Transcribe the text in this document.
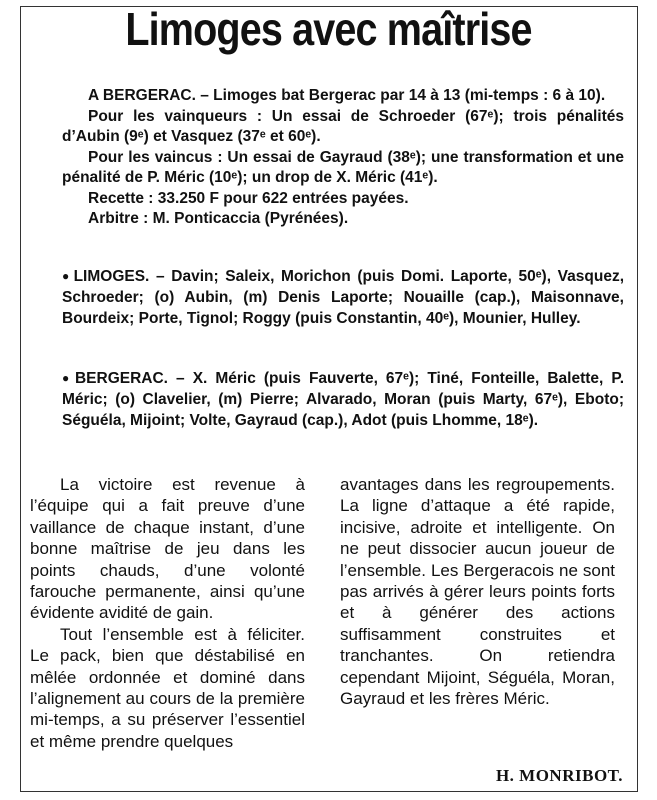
Limoges avec maîtrise

A BERGERAC. – Limoges bat Bergerac par 14 à 13 (mi-temps : 6 à 10).

Pour les vainqueurs : Un essai de Schroeder (67ᵉ); trois pénalités d’Aubin (9ᵉ) et Vasquez (37ᵉ et 60ᵉ).

Pour les vaincus : Un essai de Gayraud (38ᵉ); une transformation et une pénalité de P. Méric (10ᵉ); un drop de X. Méric (41ᵉ).

Recette : 33.250 F pour 622 entrées payées.

Arbitre : M. Ponticaccia (Pyrénées).

● LIMOGES. – Davin; Saleix, Morichon (puis Domi. Laporte, 50ᵉ), Vasquez, Schroeder; (o) Aubin, (m) Denis Laporte; Nouaille (cap.), Maisonnave, Bourdeix; Porte, Tignol; Roggy (puis Constantin, 40ᵉ), Mounier, Hulley.

● BERGERAC. – X. Méric (puis Fauverte, 67ᵉ); Tiné, Fonteille, Balette, P. Méric; (o) Clavelier, (m) Pierre; Alvarado, Moran (puis Marty, 67ᵉ), Eboto; Séguéla, Mijoint; Volte, Gayraud (cap.), Adot (puis Lhomme, 18ᵉ).

La victoire est revenue à l’équipe qui a fait preuve d’une vaillance de chaque instant, d’une bonne maîtrise de jeu dans les points chauds, d’une volonté farouche permanente, ainsi qu’une évidente avidité de gain.

Tout l’ensemble est à féliciter. Le pack, bien que déstabilisé en mêlée ordonnée et dominé dans l’alignement au cours de la première mi-temps, a su préserver l’essentiel et même prendre quelques

avantages dans les regroupements. La ligne d’attaque a été rapide, incisive, adroite et intelligente. On ne peut dissocier aucun joueur de l’ensemble. Les Bergeracois ne sont pas arrivés à gérer leurs points forts et à générer des actions suffisamment construites et tranchantes. On retiendra cependant Mijoint, Séguéla, Moran, Gayraud et les frères Méric.

H. MONRIBOT.
